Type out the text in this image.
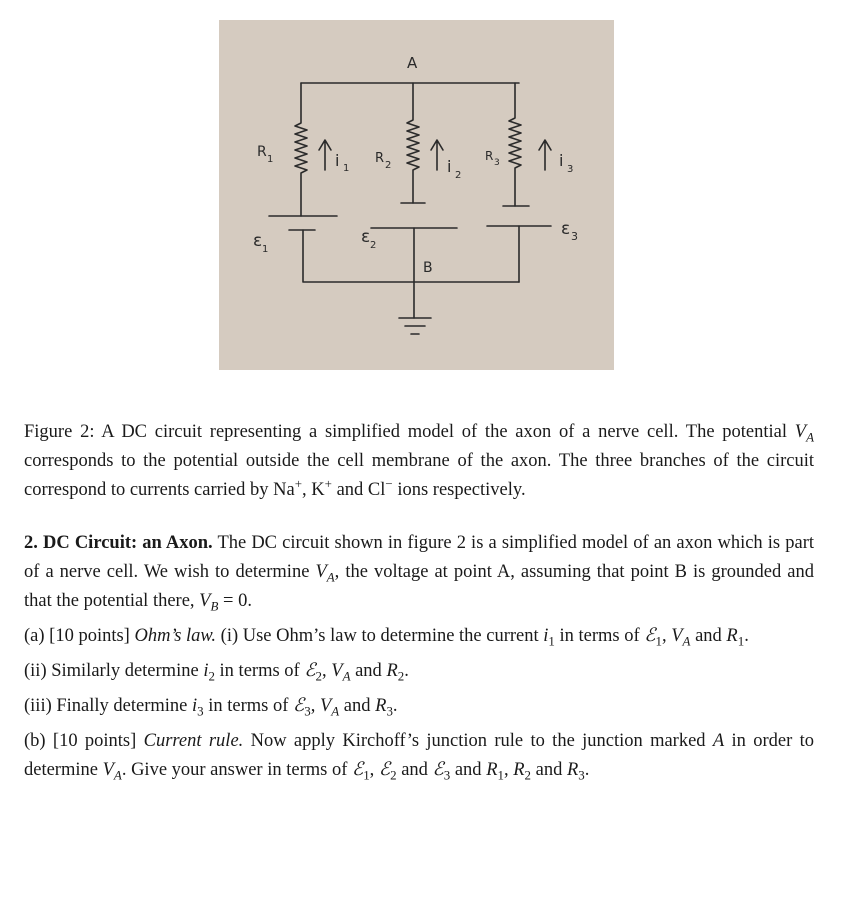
A
B
R 1	R 2
R 3
i 1	i 2
i 3
ε 1
ε 2
ε 3

Figure 2: A DC circuit representing a simplified model of the axon of a nerve cell. The potential $V_A$ corresponds to the potential outside the cell membrane of the axon. The three branches of the circuit correspond to currents carried by Na+, K+ and Cl− ions respectively.

2. DC Circuit: an Axon. The DC circuit shown in figure 2 is a simplified model of an axon which is part of a nerve cell. We wish to determine $V_A$, the voltage at point A, assuming that point B is grounded and that the potential there, $V_B = 0$.

(a) [10 points] Ohm’s law. (i) Use Ohm’s law to determine the current $i_1$ in terms of ℰ$_1$, $V_A$ and $R_1$.

(ii) Similarly determine $i_2$ in terms of ℰ$_2$, $V_A$ and $R_2$.

(iii) Finally determine $i_3$ in terms of ℰ$_3$, $V_A$ and $R_3$.

(b) [10 points] Current rule. Now apply Kirchoff’s junction rule to the junction marked A in order to determine $V_A$. Give your answer in terms of ℰ$_1$, ℰ$_2$ and ℰ$_3$ and $R_1$, $R_2$ and $R_3$.
